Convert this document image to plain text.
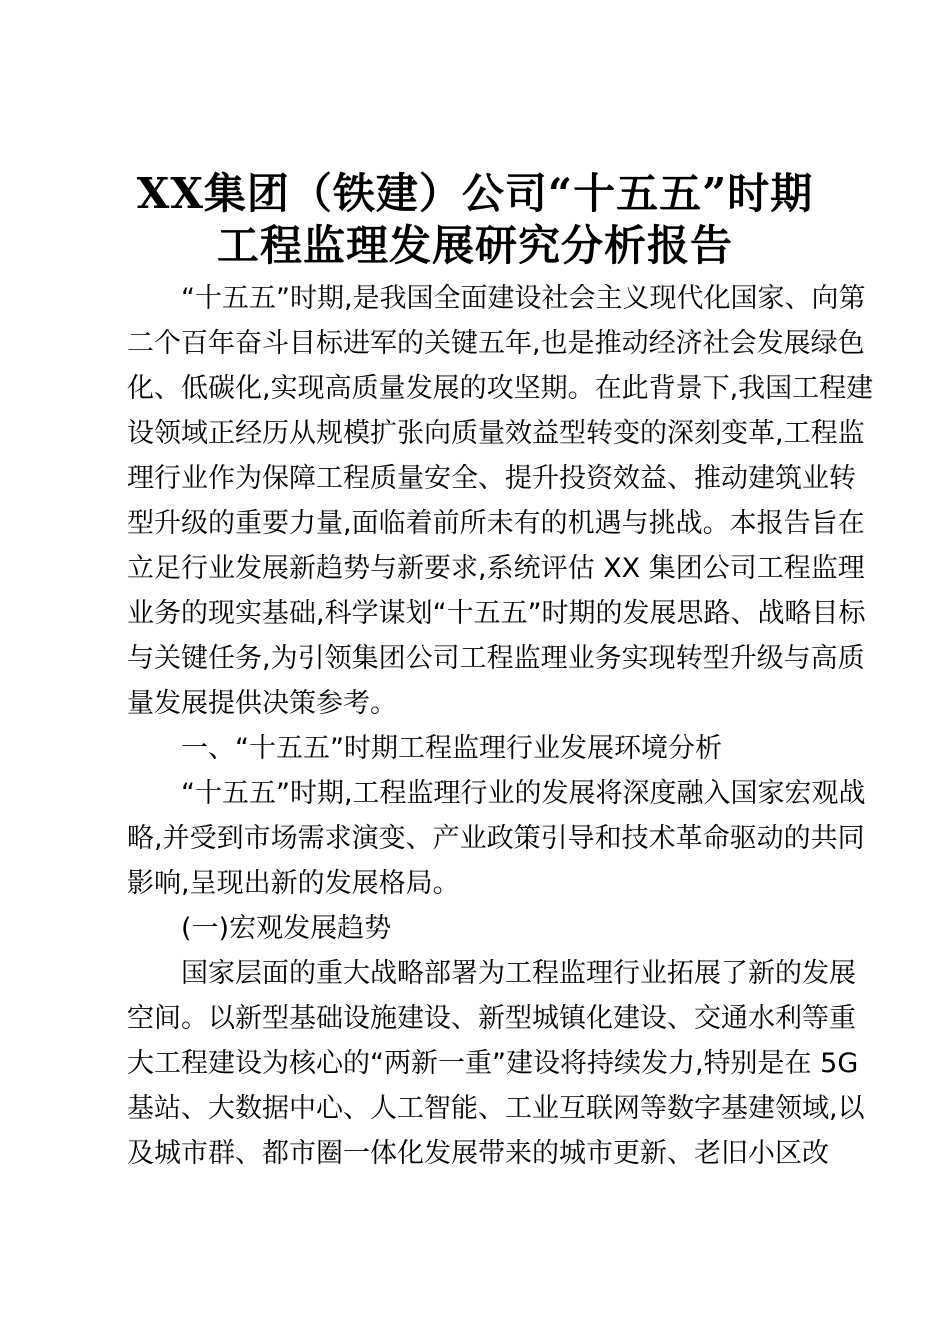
XX集团（铁建）公司“十五五”时期
工程监理发展研究分析报告
“十五五”时期,是我国全面建设社会主义现代化国家、向第
二个百年奋斗目标进军的关键五年,也是推动经济社会发展绿色
化、低碳化,实现高质量发展的攻坚期。在此背景下,我国工程建
设领域正经历从规模扩张向质量效益型转变的深刻变革,工程监
理行业作为保障工程质量安全、提升投资效益、推动建筑业转
型升级的重要力量,面临着前所未有的机遇与挑战。本报告旨在
立足行业发展新趋势与新要求,系统评估 XX 集团公司工程监理
业务的现实基础,科学谋划“十五五”时期的发展思路、战略目标
与关键任务,为引领集团公司工程监理业务实现转型升级与高质
量发展提供决策参考。
一、“十五五”时期工程监理行业发展环境分析
“十五五”时期,工程监理行业的发展将深度融入国家宏观战
略,并受到市场需求演变、产业政策引导和技术革命驱动的共同
影响,呈现出新的发展格局。
(一)宏观发展趋势
国家层面的重大战略部署为工程监理行业拓展了新的发展
空间。以新型基础设施建设、新型城镇化建设、交通水利等重
大工程建设为核心的“两新一重”建设将持续发力,特别是在 5G
基站、大数据中心、人工智能、工业互联网等数字基建领域,以
及城市群、都市圈一体化发展带来的城市更新、老旧小区改
